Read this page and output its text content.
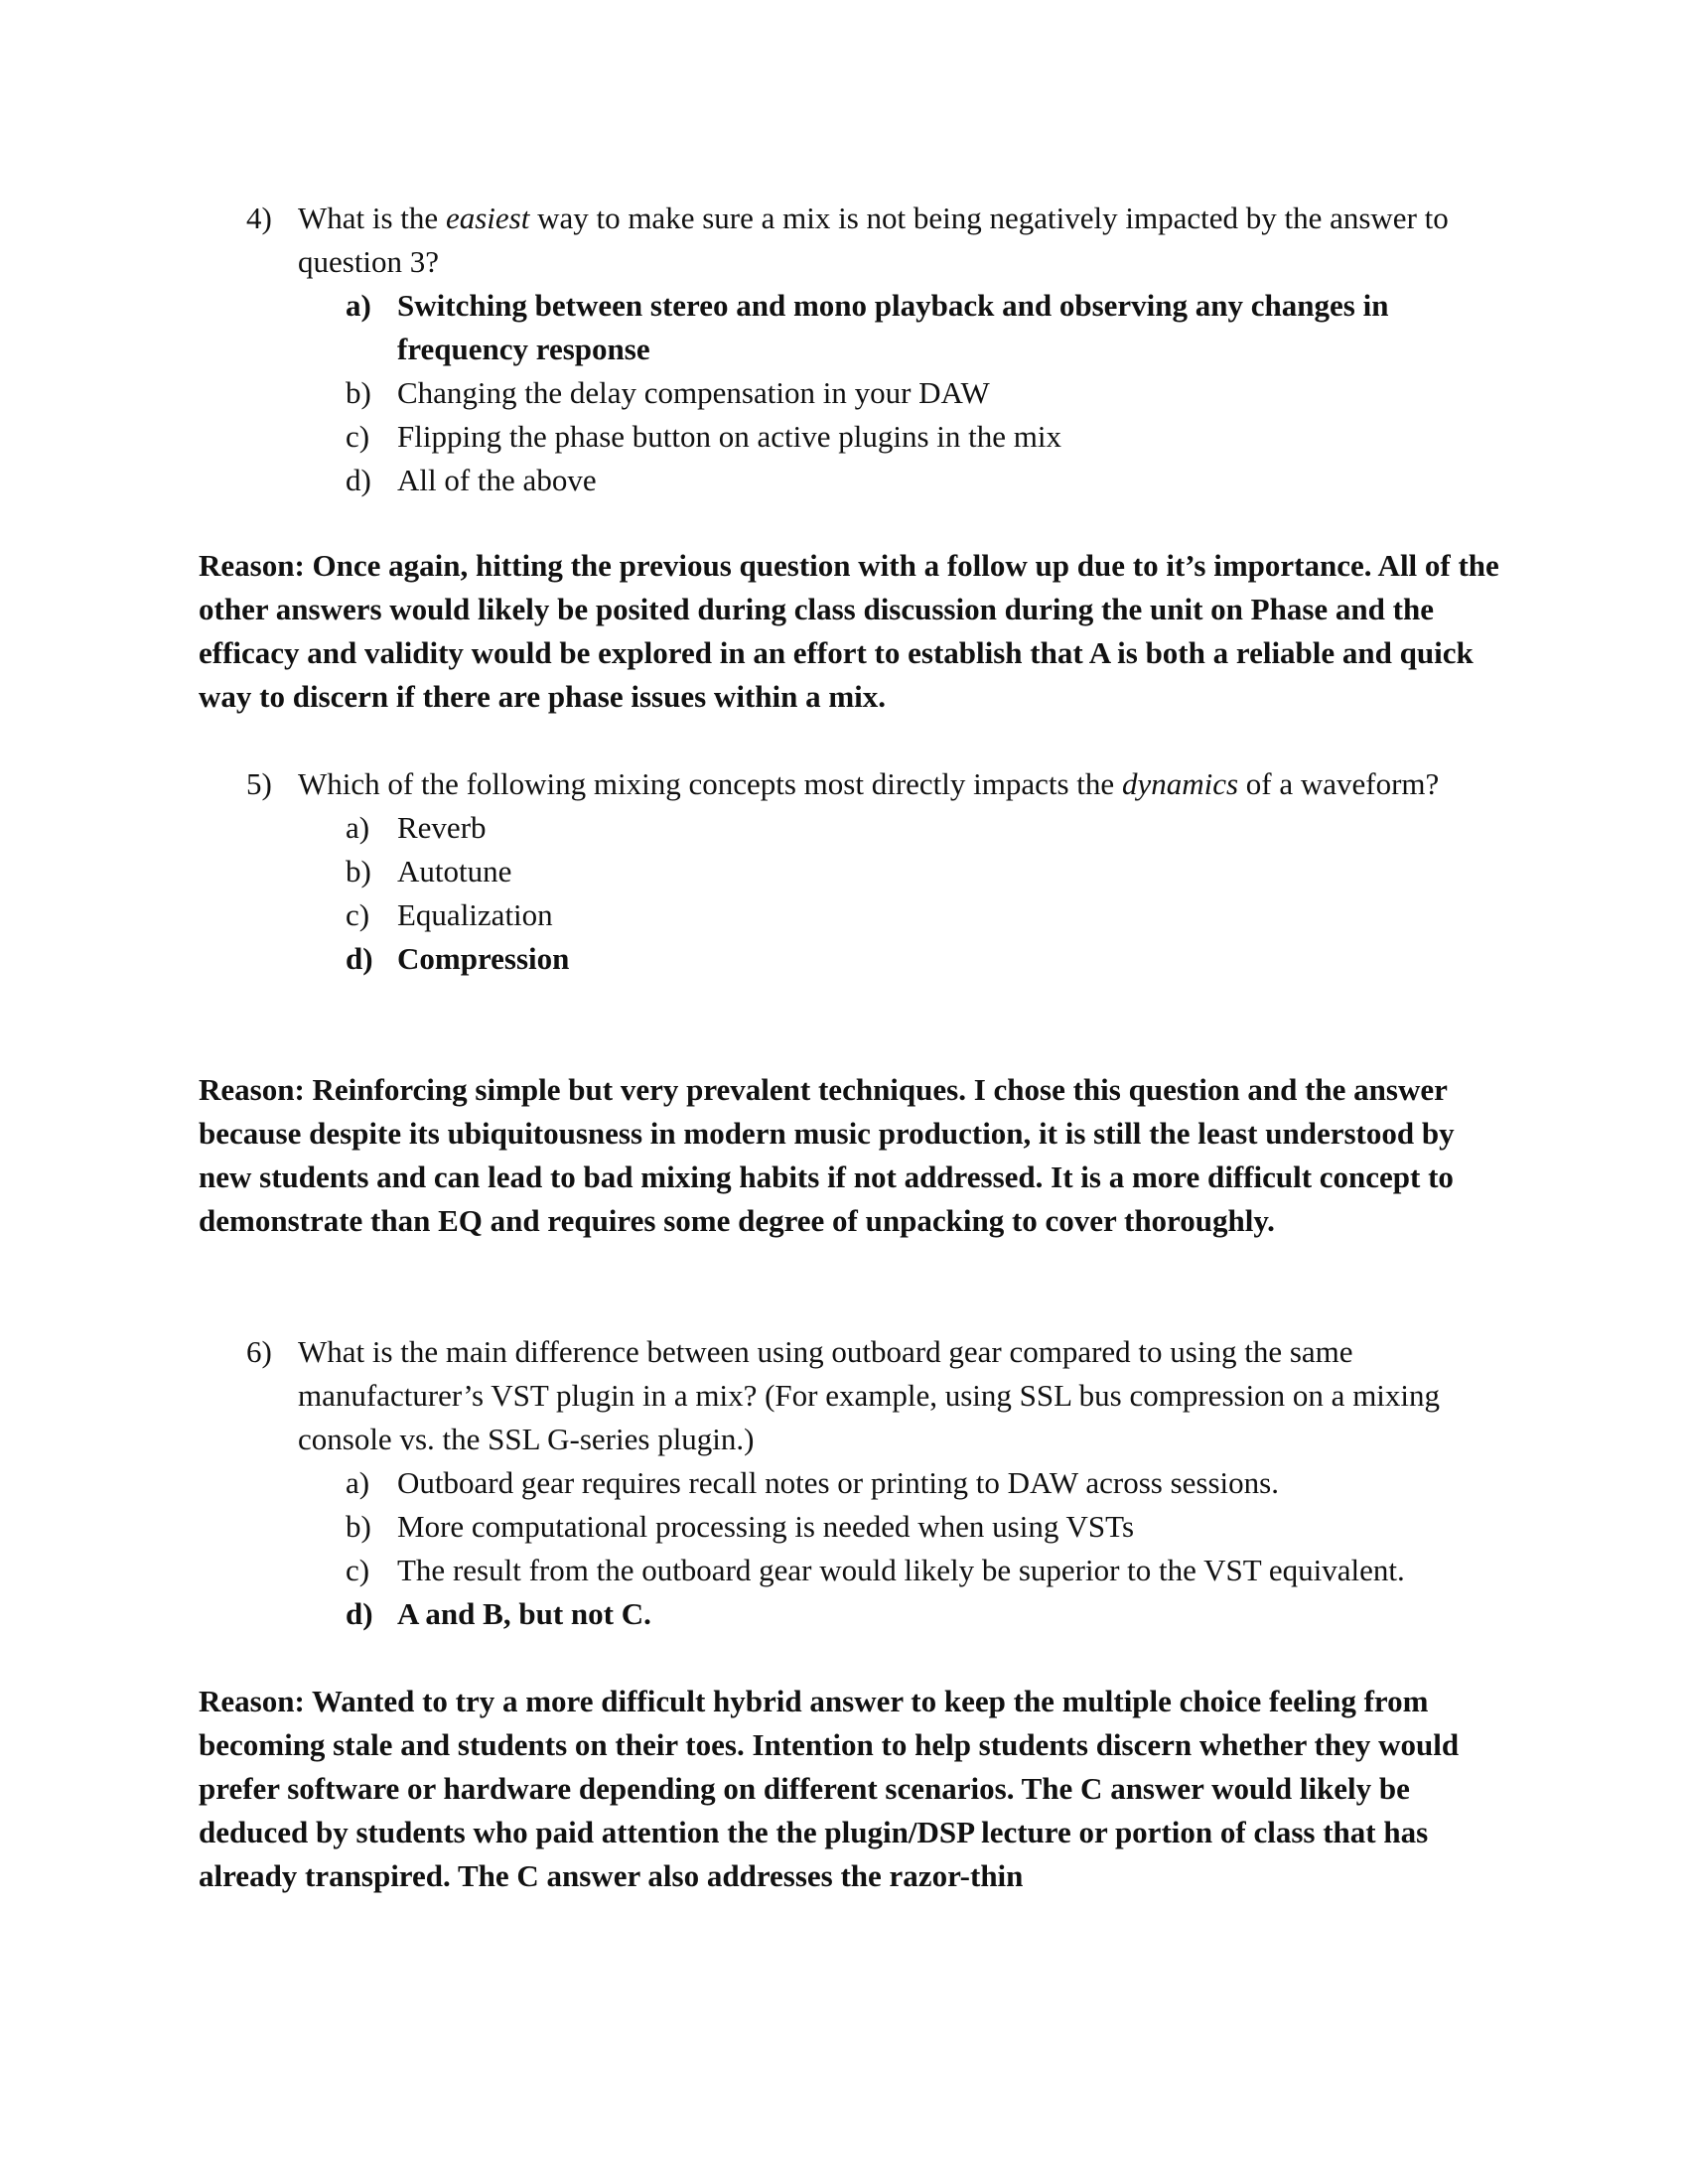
4) What is the easiest way to make sure a mix is not being negatively impacted by the answer to question 3?
a) Switching between stereo and mono playback and observing any changes in frequency response
b) Changing the delay compensation in your DAW
c) Flipping the phase button on active plugins in the mix
d) All of the above
Reason: Once again, hitting the previous question with a follow up due to it’s importance. All of the other answers would likely be posited during class discussion during the unit on Phase and the efficacy and validity would be explored in an effort to establish that A is both a reliable and quick way to discern if there are phase issues within a mix.
5) Which of the following mixing concepts most directly impacts the dynamics of a waveform?
a) Reverb
b) Autotune
c) Equalization
d) Compression
Reason: Reinforcing simple but very prevalent techniques. I chose this question and the answer because despite its ubiquitousness in modern music production, it is still the least understood by new students and can lead to bad mixing habits if not addressed. It is a more difficult concept to demonstrate than EQ and requires some degree of unpacking to cover thoroughly.
6) What is the main difference between using outboard gear compared to using the same manufacturer’s VST plugin in a mix? (For example, using SSL bus compression on a mixing console vs. the SSL G-series plugin.)
a) Outboard gear requires recall notes or printing to DAW across sessions.
b) More computational processing is needed when using VSTs
c) The result from the outboard gear would likely be superior to the VST equivalent.
d) A and B, but not C.
Reason: Wanted to try a more difficult hybrid answer to keep the multiple choice feeling from becoming stale and students on their toes. Intention to help students discern whether they would prefer software or hardware depending on different scenarios. The C answer would likely be deduced by students who paid attention the the plugin/DSP lecture or portion of class that has already transpired. The C answer also addresses the razor-thin
